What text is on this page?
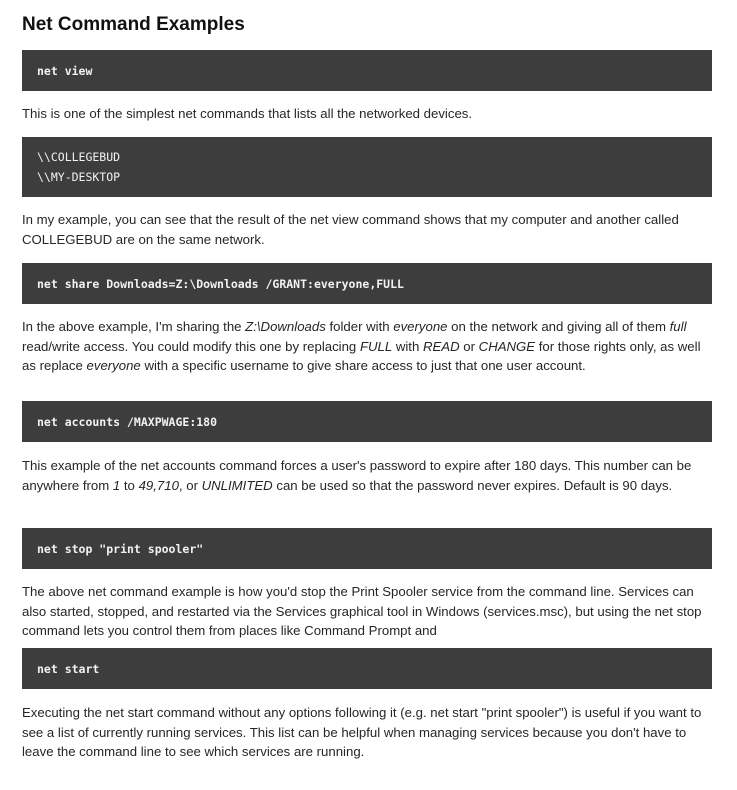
Net Command Examples
net view

This is one of the simplest net commands that lists all the networked devices.

\\COLLEGEBUD
\\MY-DESKTOP

In my example, you can see that the result of the net view command shows that my computer and another called COLLEGEBUD are on the same network.

net share Downloads=Z:\Downloads /GRANT:everyone,FULL

In the above example, I'm sharing the Z:\Downloads folder with everyone on the network and giving all of them full read/write access. You could modify this one by replacing FULL with READ or CHANGE for those rights only, as well as replace everyone with a specific username to give share access to just that one user account.

net accounts /MAXPWAGE:180

This example of the net accounts command forces a user's password to expire after 180 days. This number can be anywhere from 1 to 49,710, or UNLIMITED can be used so that the password never expires. Default is 90 days.

net stop "print spooler"

The above net command example is how you'd stop the Print Spooler service from the command line. Services can also started, stopped, and restarted via the Services graphical tool in Windows (services.msc), but using the net stop command lets you control them from places like Command Prompt and

net start

Executing the net start command without any options following it (e.g. net start "print spooler") is useful if you want to see a list of currently running services. This list can be helpful when managing services because you don't have to leave the command line to see which services are running.
